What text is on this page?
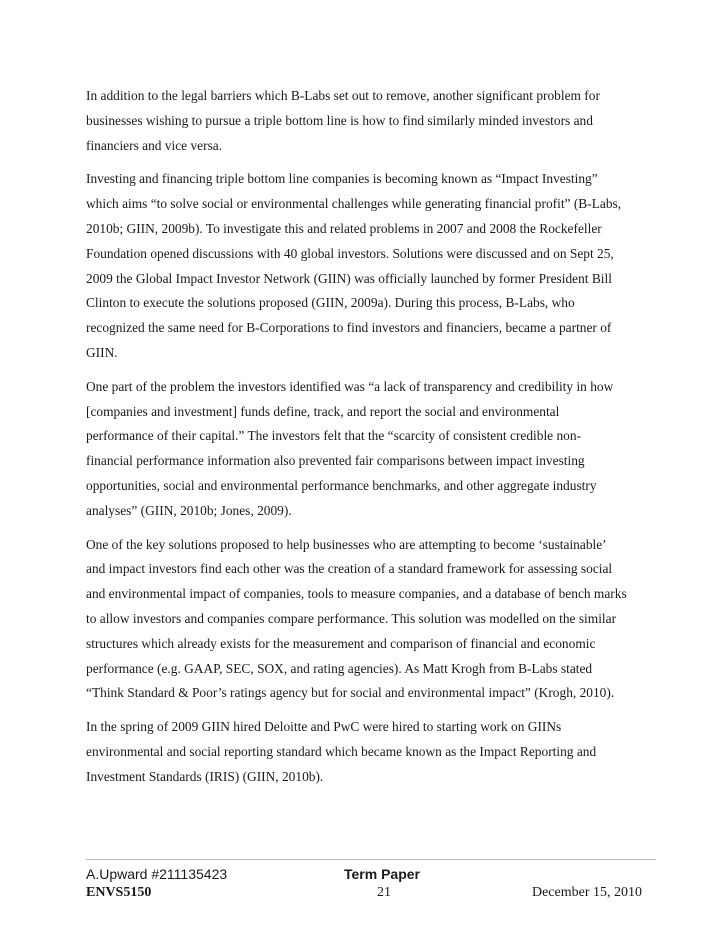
In addition to the legal barriers which B-Labs set out to remove, another significant problem for
businesses wishing to pursue a triple bottom line is how to find similarly minded investors and
financiers and vice versa.

Investing and financing triple bottom line companies is becoming known as “Impact Investing”
which aims “to solve social or environmental challenges while generating financial profit” (B-Labs,
2010b; GIIN, 2009b). To investigate this and related problems in 2007 and 2008 the Rockefeller
Foundation opened discussions with 40 global investors. Solutions were discussed and on Sept 25,
2009 the Global Impact Investor Network (GIIN) was officially launched by former President Bill
Clinton to execute the solutions proposed (GIIN, 2009a). During this process, B-Labs, who
recognized the same need for B-Corporations to find investors and financiers, became a partner of
GIIN.

One part of the problem the investors identified was “a lack of transparency and credibility in how
[companies and investment] funds define, track, and report the social and environmental
performance of their capital.” The investors felt that the “scarcity of consistent credible non-
financial performance information also prevented fair comparisons between impact investing
opportunities, social and environmental performance benchmarks, and other aggregate industry
analyses” (GIIN, 2010b; Jones, 2009).

One of the key solutions proposed to help businesses who are attempting to become ‘sustainable’
and impact investors find each other was the creation of a standard framework for assessing social
and environmental impact of companies, tools to measure companies, and a database of bench marks
to allow investors and companies compare performance. This solution was modelled on the similar
structures which already exists for the measurement and comparison of financial and economic
performance (e.g. GAAP, SEC, SOX, and rating agencies). As Matt Krogh from B-Labs stated
“Think Standard & Poor’s ratings agency but for social and environmental impact” (Krogh, 2010).

In the spring of 2009 GIIN hired Deloitte and PwC were hired to starting work on GIINs
environmental and social reporting standard which became known as the Impact Reporting and
Investment Standards (IRIS) (GIIN, 2010b).

A.Upward #211135423
ENVS5150
Term Paper
21	December 15, 2010
